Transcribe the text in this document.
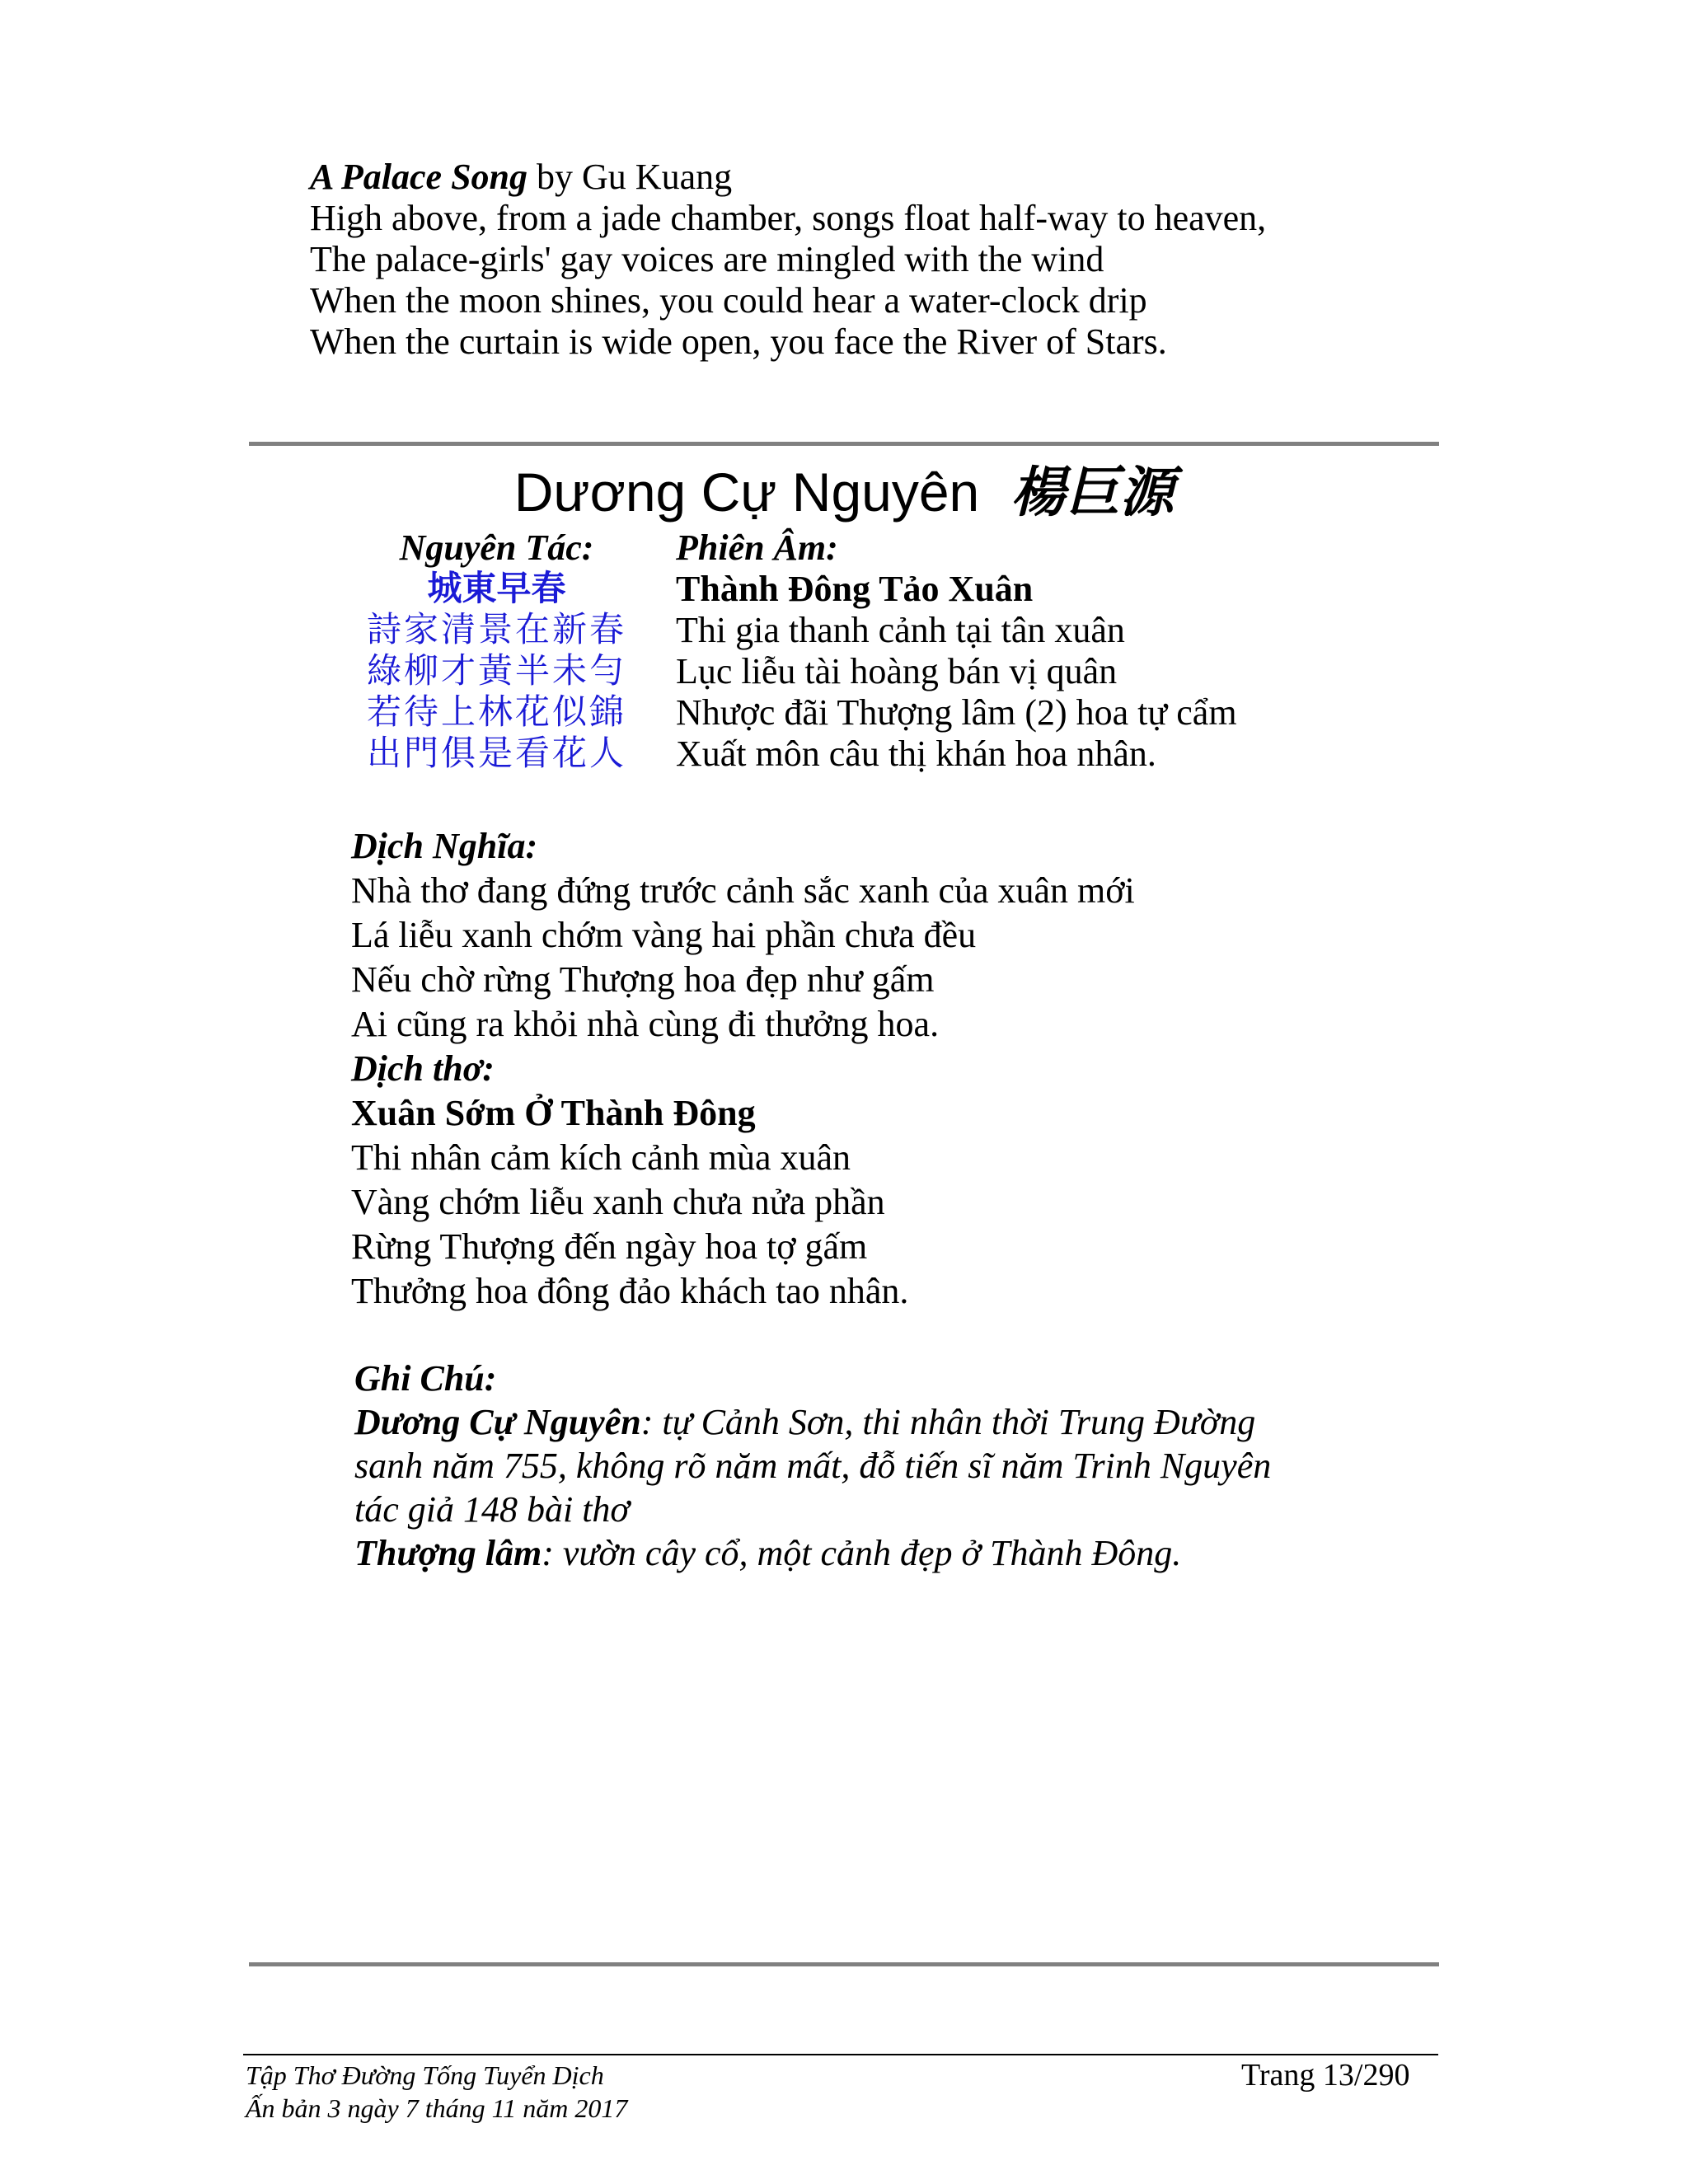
A Palace Song by Gu Kuang
High above, from a jade chamber, songs float half-way to heaven,
The palace-girls' gay voices are mingled with the wind
When the moon shines, you could hear a water-clock drip
When the curtain is wide open, you face the River of Stars.
Dương Cự Nguyên 楊巨源
Nguyên Tác:
城東早春
詩家清景在新春
綠柳才黃半未勻
若待上林花似錦
出門俱是看花人
Phiên Âm:
Thành Đông Tảo Xuân
Thi gia thanh cảnh tại tân xuân
Lục liễu tài hoàng bán vị quân
Nhược đãi Thượng lâm (2) hoa tự cẩm
Xuất môn câu thị khán hoa nhân.
Dịch Nghĩa:
Nhà thơ đang đứng trước cảnh sắc xanh của xuân mới
Lá liễu xanh chớm vàng hai phần chưa đều
Nếu chờ rừng Thượng hoa đẹp như gấm
Ai cũng ra khỏi nhà cùng đi thưởng hoa.
Dịch thơ:
Xuân Sớm Ở Thành Đông
Thi nhân cảm kích cảnh mùa xuân
Vàng chớm liễu xanh chưa nửa phần
Rừng Thượng đến ngày hoa tợ gấm
Thưởng hoa đông đảo khách tao nhân.
Ghi Chú:
Dương Cự Nguyên: tự Cảnh Sơn, thi nhân thời Trung Đường
sanh năm 755, không rõ năm mất, đỗ tiến sĩ năm Trinh Nguyên
tác giả 148 bài thơ
Thượng lâm: vườn cây cổ, một cảnh đẹp ở Thành Đông.
Tập Thơ Đường Tống Tuyển Dịch
Ấn bản 3 ngày 7 tháng 11 năm 2017
Trang 13/290
